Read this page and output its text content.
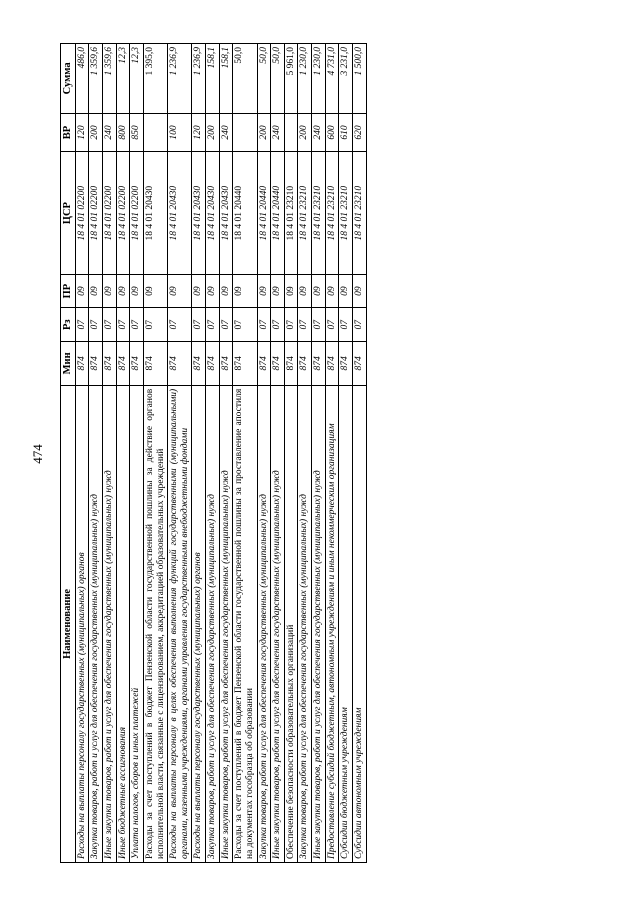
474
Наименование	Мин	Рз	ПР	ЦСР	ВР	Сумма
Расходы на выплаты персоналу государственных (муниципальных) органов	874	07	09	18 4 01 02200	120	486,0
Закупка товаров, работ и услуг для обеспечения государственных (муниципальных) нужд	874	07	09	18 4 01 02200	200	1 359,6
Иные закупки товаров, работ и услуг для обеспечения государственных (муниципальных) нужд	874	07	09	18 4 01 02200	240	1 359,6
Иные бюджетные ассигнования	874	07	09	18 4 01 02200	800	12,3
Уплата налогов, сборов и иных платежей	874	07	09	18 4 01 02200	850	12,3
Расходы за счет поступлений в бюджет Пензенской области государственной пошлины за действие органов исполнительной власти, связанные с лицензированием, аккредитацией образовательных учреждений	874	07	09	18 4 01 20430		1 395,0
Расходы на выплаты персоналу в целях обеспечения выполнения функций государственными (муниципальными) органами, казенными учреждениями, органами управления государственными внебюджетными фондами	874	07	09	18 4 01 20430	100	1 236,9
Расходы на выплаты персоналу государственных (муниципальных) органов	874	07	09	18 4 01 20430	120	1 236,9
Закупка товаров, работ и услуг для обеспечения государственных (муниципальных) нужд	874	07	09	18 4 01 20430	200	158,1
Иные закупки товаров, работ и услуг для обеспечения государственных (муниципальных) нужд	874	07	09	18 4 01 20430	240	158,1
Расходы за счет поступлений в бюджет Пензенской области государственной пошлины за проставление апостиля на документах гособразца об образовании	874	07	09	18 4 01 20440		50,0
Закупка товаров, работ и услуг для обеспечения государственных (муниципальных) нужд	874	07	09	18 4 01 20440	200	50,0
Иные закупки товаров, работ и услуг для обеспечения государственных (муниципальных) нужд	874	07	09	18 4 01 20440	240	50,0
Обеспечение безопасности образовательных организаций	874	07	09	18 4 01 23210		5 961,0
Закупка товаров, работ и услуг для обеспечения государственных (муниципальных) нужд	874	07	09	18 4 01 23210	200	1 230,0
Иные закупки товаров, работ и услуг для обеспечения государственных (муниципальных) нужд	874	07	09	18 4 01 23210	240	1 230,0
Предоставление субсидий бюджетным, автономным учреждениям и иным некоммерческим организациям	874	07	09	18 4 01 23210	600	4 731,0
Субсидии бюджетным учреждениям	874	07	09	18 4 01 23210	610	3 231,0
Субсидии автономным учреждениям	874	07	09	18 4 01 23210	620	1 500,0
